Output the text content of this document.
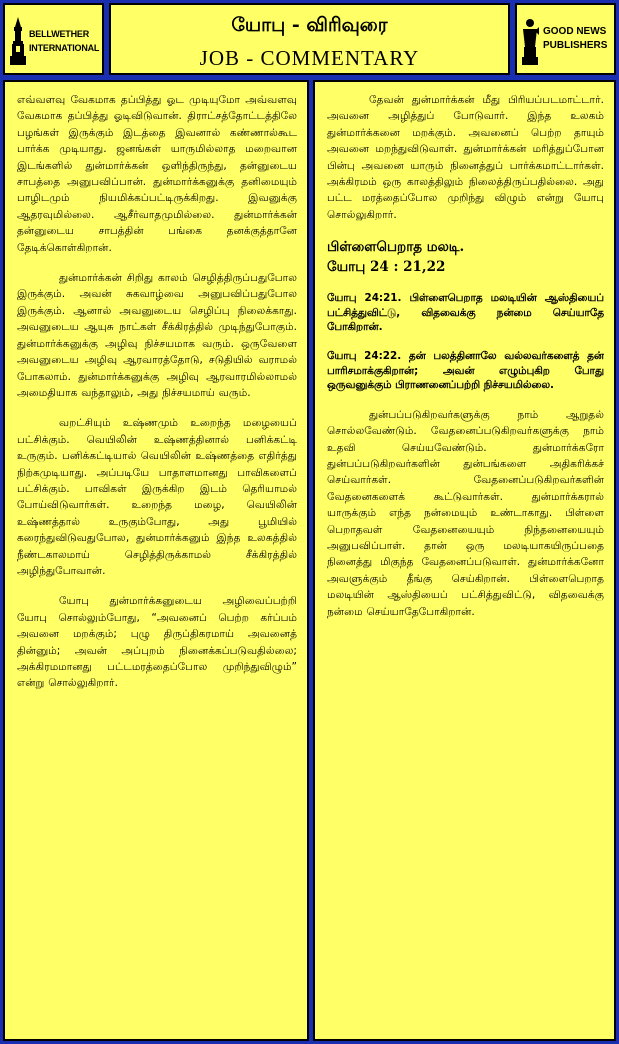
BELLWETHER
INTERNATIONAL
யோபு - விரிவுரை
JOB - COMMENTARY
GOOD NEWS
PUBLISHERS

எவ்வளவு வேகமாக தப்பித்து ஓட முடியுமோ அவ்வளவு வேகமாக தப்பித்து ஓடிவிடுவான். திராட்சத்தோட்டத்திலே பழங்கள் இருக்கும் இடத்தை இவனால் கண்ணால்கூட பார்க்க முடியாது. ஜனங்கள் யாருமில்லாத மறைவான இடங்களில் துன்மார்க்கன் ஒளிந்திருந்து, தன்னுடைய சாபத்தை அனுபவிப்பான். துன்மார்க்கனுக்கு தனிமையும் பாழிடமும் நியமிக்கப்பட்டிருக்கிறது. இவனுக்கு ஆதரவுமில்லை. ஆசீர்வாதமுமில்லை. துன்மார்க்கன் தன்னுடைய சாபத்தின் பங்கை தனக்குத்தானே தேடிக்கொள்கிறான்.

துன்மார்க்கன் சிறிது காலம் செழித்திருப்பதுபோல இருக்கும். அவன் சுகவாழ்வை அனுபவிப்பதுபோல இருக்கும். ஆனால் அவனுடைய செழிப்பு நிலைக்காது. அவனுடைய ஆயுசு நாட்கள் சீக்கிரத்தில் முடிந்துபோகும். துன்மார்க்கனுக்கு அழிவு நிச்சயமாக வரும். ஒருவேளை அவனுடைய அழிவு ஆரவாரத்தோடு, சடுதியில் வராமல் போகலாம். துன்மார்க்கனுக்கு அழிவு ஆரவாரமில்லாமல் அமைதியாக வந்தாலும், அது நிச்சயமாய் வரும்.

வறட்சியும் உஷ்ணமும் உறைந்த மழையைப் பட்சிக்கும். வெயிலின் உஷ்ணத்தினால் பனிக்கட்டி உருகும். பனிக்கட்டியால் வெயிலின் உஷ்ணத்தை எதிர்த்து நிற்கமுடியாது. அப்படியே பாதாளமானது பாவிகளைப் பட்சிக்கும். பாவிகள் இருக்கிற இடம் தெரியாமல் போய்விடுவார்கள். உறைந்த மழை, வெயிலின் உஷ்ணத்தால் உருகும்போது, அது பூமியில் கரைந்துவிடுவதுபோல, துன்மார்க்கனும் இந்த உலகத்தில் நீண்டகாலமாய் செழித்திருக்காமல் சீக்கிரத்தில் அழிந்துபோவான்.

யோபு துன்மார்க்கனுடைய அழிவைப்பற்றி யோபு சொல்லும்போது, “அவனைப் பெற்ற கர்ப்பம் அவனை மறக்கும்; புழு திருப்திகரமாய் அவனைத் தின்னும்; அவன் அப்புறம் நினைக்கப்படுவதில்லை; அக்கிரமமானது பட்டமரத்தைப்போல முறிந்துவிழும்” என்று சொல்லுகிறார்.

தேவன் துன்மார்க்கன் மீது பிரியப்படமாட்டார். அவனை அழித்துப் போடுவார். இந்த உலகம் துன்மார்க்கனை மறக்கும். அவனைப் பெற்ற தாயும் அவனை மறந்துவிடுவாள். துன்மார்க்கன் மரித்துப்போன பின்பு அவனை யாரும் நினைத்துப் பார்க்கமாட்டார்கள். அக்கிரமம் ஒரு காலத்திலும் நிலைத்திருப்பதில்லை. அது பட்ட மரத்தைப்போல முறிந்து விழும் என்று யோபு சொல்லுகிறார்.

பிள்ளைபெறாத மலடி.
யோபு 24 : 21,22

யோபு 24:21. பிள்ளைபெறாத மலடியின் ஆஸ்தியைப் பட்சித்துவிட்டு, விதவைக்கு நன்மை செய்யாதே போகிறான்.

யோபு 24:22. தன் பலத்தினாலே வல்லவர்களைத் தன் பாரிசமாக்குகிறான்; அவன் எழும்புகிற போது ஒருவனுக்கும் பிராணனைப்பற்றி நிச்சயமில்லை.

துன்பப்படுகிறவர்களுக்கு நாம் ஆறுதல் சொல்லவேண்டும். வேதனைப்படுகிறவர்களுக்கு நாம் உதவி செய்யவேண்டும். துன்மார்க்கரோ துன்பப்படுகிறவர்களின் துன்பங்களை அதிகரிக்கச் செய்வார்கள். வேதனைப்படுகிறவர்களின் வேதனைகளைக் கூட்டுவார்கள். துன்மார்க்கரால் யாருக்கும் எந்த நன்மையும் உண்டாகாது. பிள்ளை பெறாதவள் வேதனையையும் நிந்தனையையும் அனுபவிப்பாள். தான் ஒரு மலடியாகயிருப்பதை நினைத்து மிகுந்த வேதனைப்படுவாள். துன்மார்க்கனோ அவளுக்கும் தீங்கு செய்கிறான். பிள்ளைபெறாத மலடியின் ஆஸ்தியைப் பட்சித்துவிட்டு, விதவைக்கு நன்மை செய்யாதேபோகிறான்.
